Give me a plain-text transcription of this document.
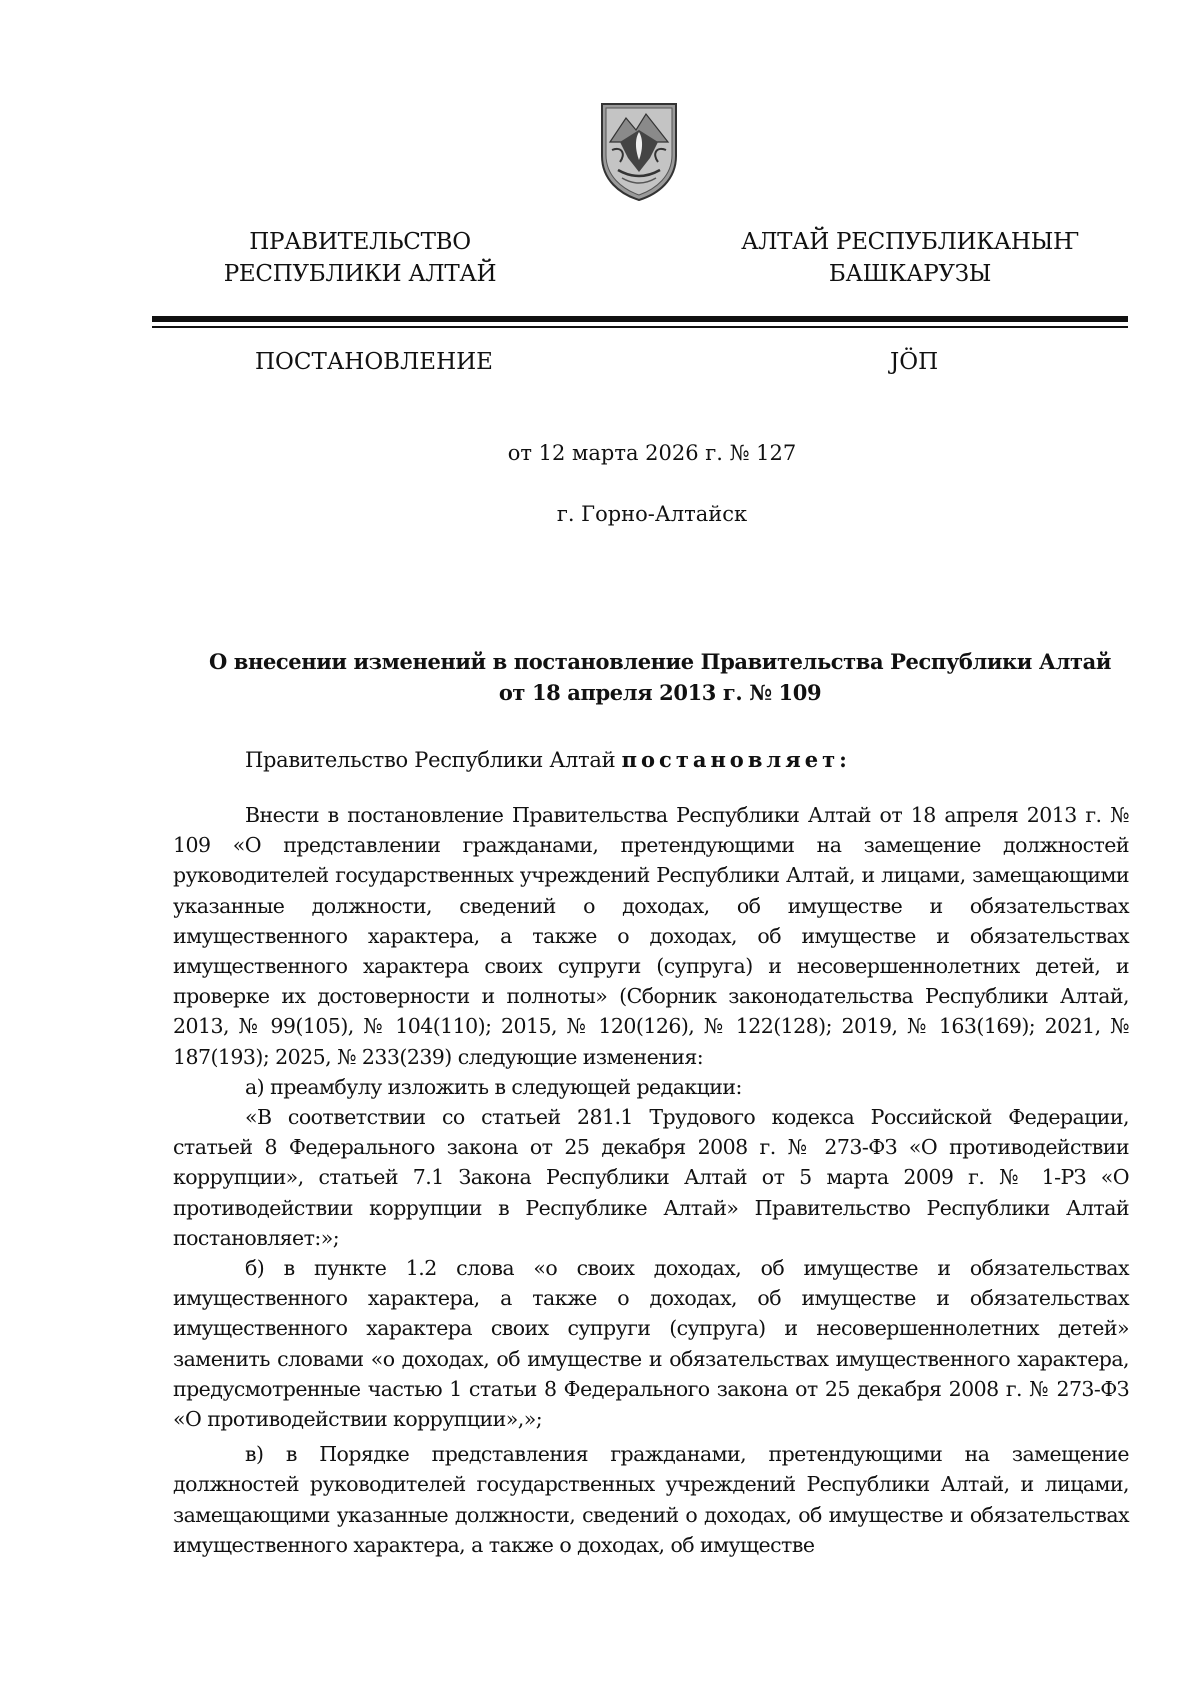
ПРАВИТЕЛЬСТВО
РЕСПУБЛИКИ АЛТАЙ
АЛТАЙ РЕСПУБЛИКАНЫҤ
БАШКАРУЗЫ
ПОСТАНОВЛЕНИЕ	ЈӦП
от 12 марта 2026 г. № 127
г. Горно-Алтайск
О внесении изменений в постановление Правительства Республики Алтай
от 18 апреля 2013 г. № 109
Правительство Республики Алтай постановляет:

Внести в постановление Правительства Республики Алтай от 18 апреля 2013 г. № 109 «О представлении гражданами, претендующими на замещение должностей руководителей государственных учреждений Республики Алтай, и лицами, замещающими указанные должности, сведений о доходах, об имуществе и обязательствах имущественного характера, а также о доходах, об имуществе и обязательствах имущественного характера своих супруги (супруга) и несовершеннолетних детей, и проверке их достоверности и полноты» (Сборник законодательства Республики Алтай, 2013, № 99(105), № 104(110); 2015, № 120(126), № 122(128); 2019, № 163(169); 2021, № 187(193); 2025, № 233(239) следующие изменения:

а) преамбулу изложить в следующей редакции:

«В соответствии со статьей 281.1 Трудового кодекса Российской Федерации, статьей 8 Федерального закона от 25 декабря 2008 г. № 273-ФЗ «О противодействии коррупции», статьей 7.1 Закона Республики Алтай от 5 марта 2009 г. № 1-РЗ «О противодействии коррупции в Республике Алтай» Правительство Республики Алтай постановляет:»;

б) в пункте 1.2 слова «о своих доходах, об имуществе и обязательствах имущественного характера, а также о доходах, об имуществе и обязательствах имущественного характера своих супруги (супруга) и несовершеннолетних детей» заменить словами «о доходах, об имуществе и обязательствах имущественного характера, предусмотренные частью 1 статьи 8 Федерального закона от 25 декабря 2008 г. № 273-ФЗ «О противодействии коррупции»,»;

в) в Порядке представления гражданами, претендующими на замещение должностей руководителей государственных учреждений Республики Алтай, и лицами, замещающими указанные должности, сведений о доходах, об имуществе и обязательствах имущественного характера, а также о доходах, об имуществе
